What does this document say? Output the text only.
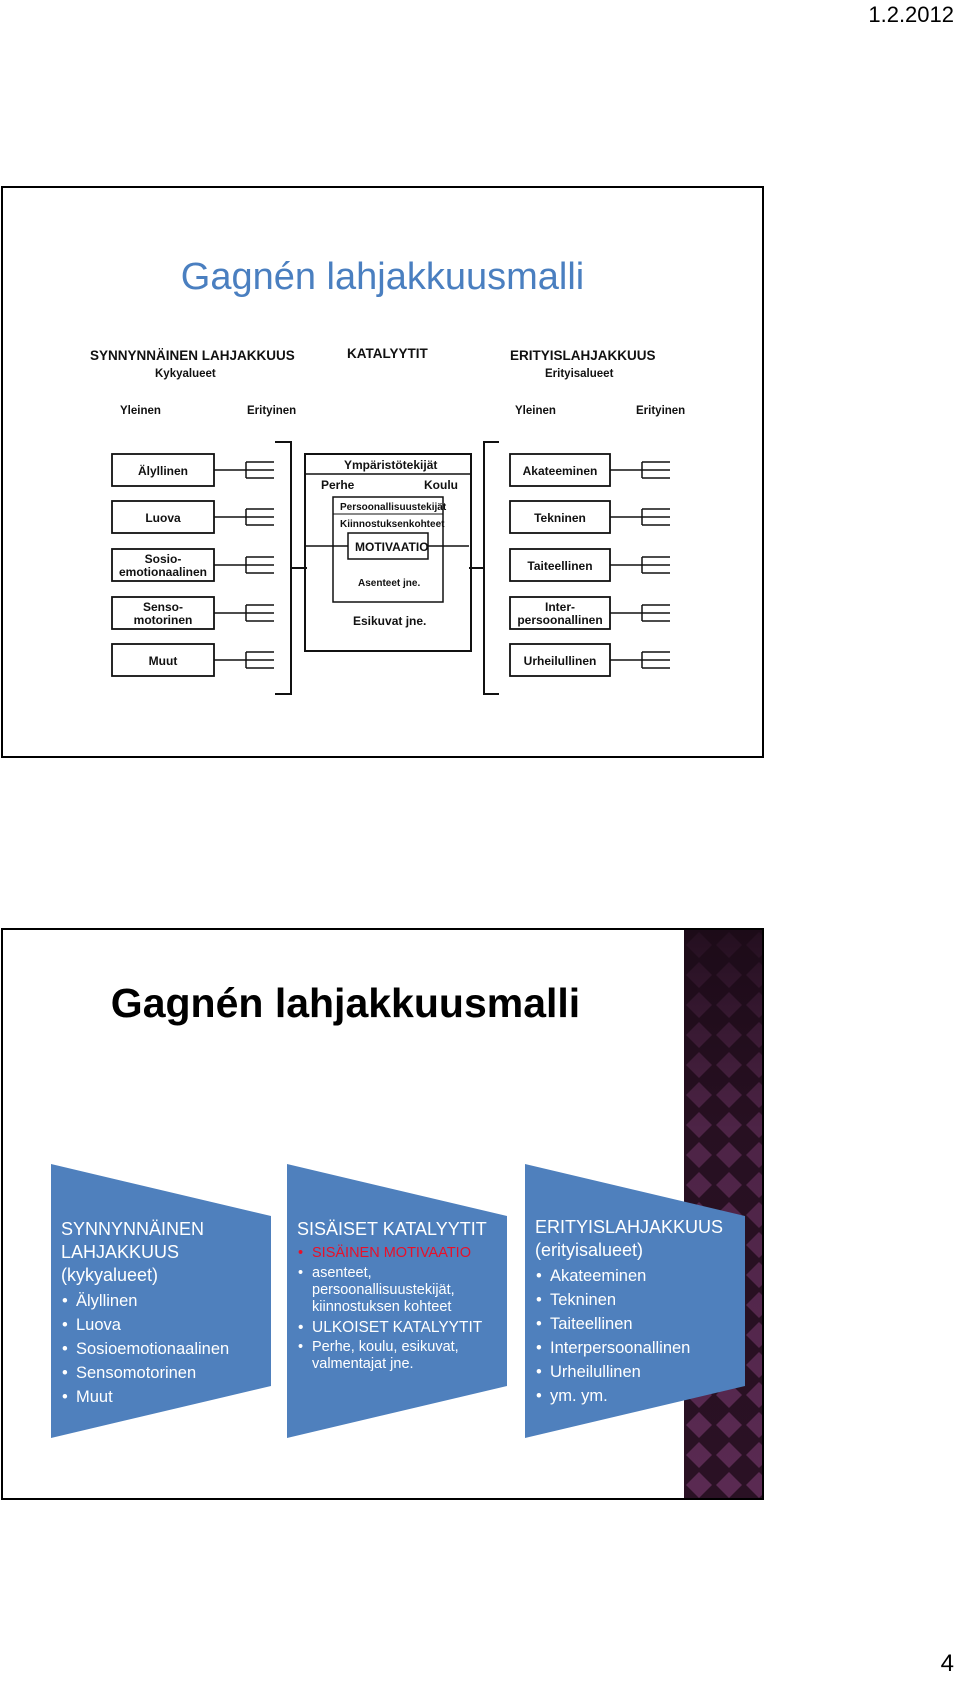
1.2.2012
Gagnén lahjakkuusmalli
SYNNYNNÄINEN LAHJAKKUUS
Kykyalueet
KATALYYTIT	ERITYISLAHJAKKUUS
Erityisalueet
Yleinen	Erityinen	Yleinen	Erityinen
Ympäristötekijät
Perhe	Koulu
Persoonallisuustekijät
Kiinnostuksenkohteet
MOTIVAATIO
Asenteet jne.
Esikuvat jne.
Älyllinen
Luova
Sosio-
emotionaalinen
Senso-
motorinen
Muut
Akateeminen
Tekninen
Taiteellinen
Inter-
persoonallinen
Urheilullinen
Gagnén lahjakkuusmalli
SYNNYNNÄINEN LAHJAKKUUS (kykyalueet)
• Älyllinen
• Luova
• Sosioemotionaalinen
• Sensomotorinen
• Muut
SISÄISET KATALYYTIT
• SISÄINEN MOTIVAATIO
• asenteet, persoonallisuustekijät, kiinnostuksen kohteet
• ULKOISET KATALYYTIT
• Perhe, koulu, esikuvat, valmentajat jne.
ERITYISLAHJAKKUUS (erityisalueet)
• Akateeminen
• Tekninen
• Taiteellinen
• Interpersoonallinen
• Urheilullinen
• ym. ym.
4
